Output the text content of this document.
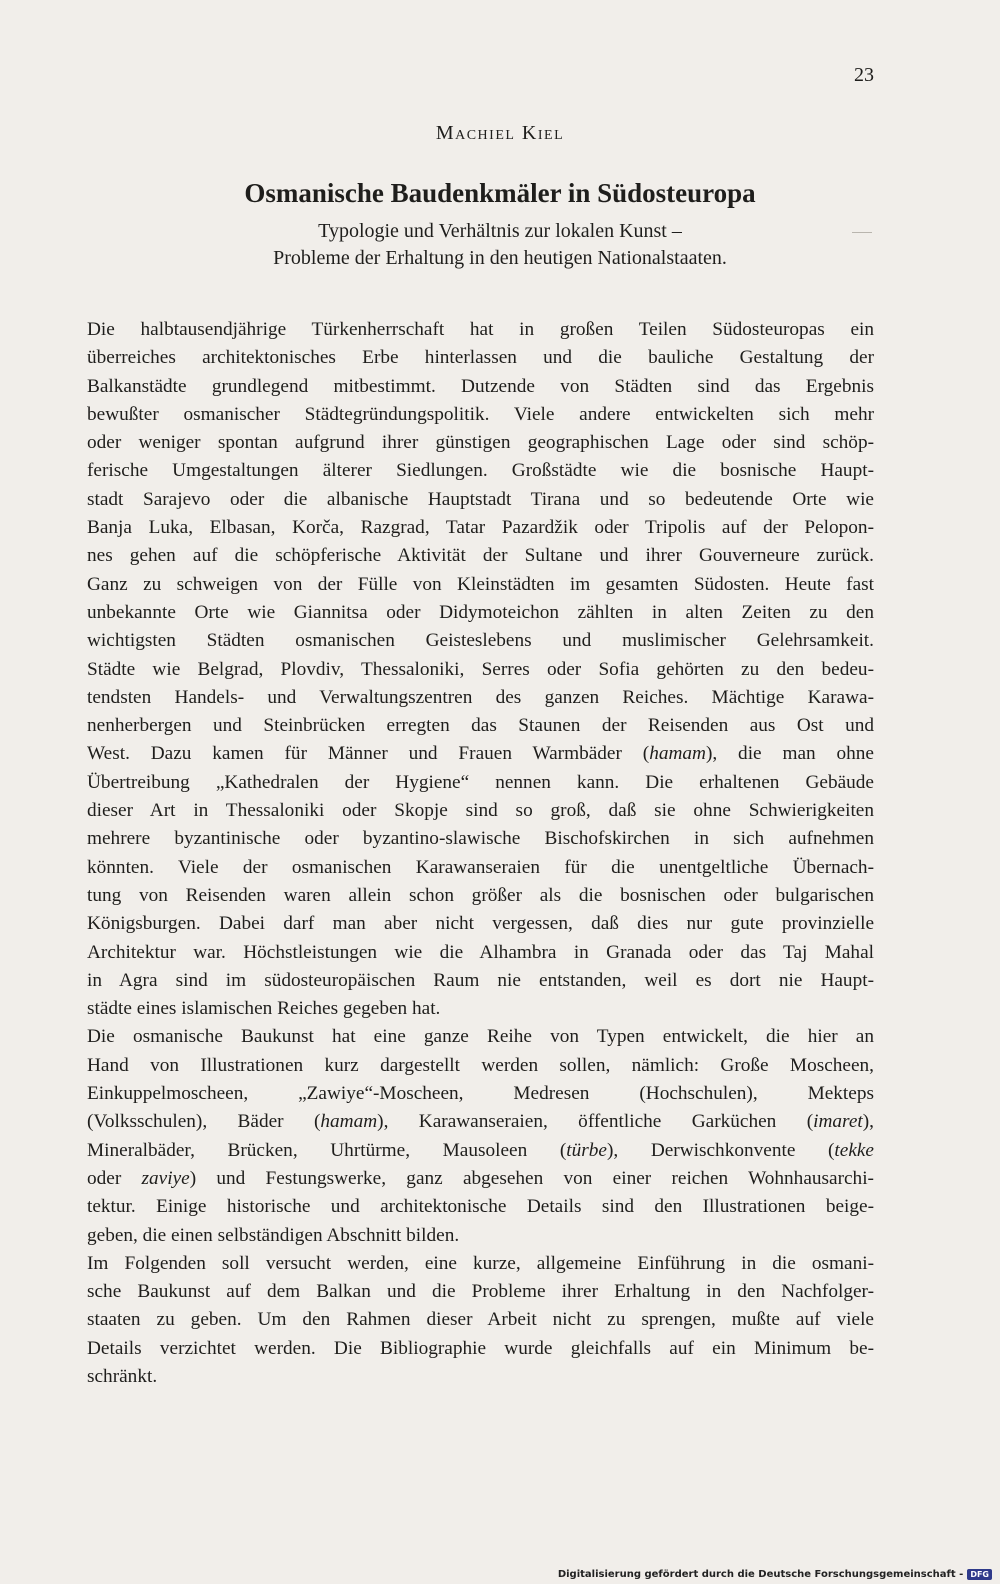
23
Machiel Kiel
Osmanische Baudenkmäler in Südosteuropa
Typologie und Verhältnis zur lokalen Kunst –
Probleme der Erhaltung in den heutigen Nationalstaaten.
Die halbtausendjährige Türkenherrschaft hat in großen Teilen Südosteuropas ein
überreiches architektonisches Erbe hinterlassen und die bauliche Gestaltung der
Balkanstädte grundlegend mitbestimmt. Dutzende von Städten sind das Ergebnis
bewußter osmanischer Städtegründungspolitik. Viele andere entwickelten sich mehr
oder weniger spontan aufgrund ihrer günstigen geographischen Lage oder sind schöp-
ferische Umgestaltungen älterer Siedlungen. Großstädte wie die bosnische Haupt-
stadt Sarajevo oder die albanische Hauptstadt Tirana und so bedeutende Orte wie
Banja Luka, Elbasan, Korča, Razgrad, Tatar Pazardžik oder Tripolis auf der Pelopon-
nes gehen auf die schöpferische Aktivität der Sultane und ihrer Gouverneure zurück.
Ganz zu schweigen von der Fülle von Kleinstädten im gesamten Südosten. Heute fast
unbekannte Orte wie Giannitsa oder Didymoteichon zählten in alten Zeiten zu den
wichtigsten Städten osmanischen Geisteslebens und muslimischer Gelehrsamkeit.
Städte wie Belgrad, Plovdiv, Thessaloniki, Serres oder Sofia gehörten zu den bedeu-
tendsten Handels- und Verwaltungszentren des ganzen Reiches. Mächtige Karawa-
nenherbergen und Steinbrücken erregten das Staunen der Reisenden aus Ost und
West. Dazu kamen für Männer und Frauen Warmbäder (hamam), die man ohne
Übertreibung „Kathedralen der Hygiene“ nennen kann. Die erhaltenen Gebäude
dieser Art in Thessaloniki oder Skopje sind so groß, daß sie ohne Schwierigkeiten
mehrere byzantinische oder byzantino-slawische Bischofskirchen in sich aufnehmen
könnten. Viele der osmanischen Karawanseraien für die unentgeltliche Übernach-
tung von Reisenden waren allein schon größer als die bosnischen oder bulgarischen
Königsburgen. Dabei darf man aber nicht vergessen, daß dies nur gute provinzielle
Architektur war. Höchstleistungen wie die Alhambra in Granada oder das Taj Mahal
in Agra sind im südosteuropäischen Raum nie entstanden, weil es dort nie Haupt-
städte eines islamischen Reiches gegeben hat.
Die osmanische Baukunst hat eine ganze Reihe von Typen entwickelt, die hier an
Hand von Illustrationen kurz dargestellt werden sollen, nämlich: Große Moscheen,
Einkuppelmoscheen, „Zawiye“-Moscheen, Medresen (Hochschulen), Mekteps
(Volksschulen), Bäder (hamam), Karawanseraien, öffentliche Garküchen (imaret),
Mineralbäder, Brücken, Uhrtürme, Mausoleen (türbe), Derwischkonvente (tekke
oder zaviye) und Festungswerke, ganz abgesehen von einer reichen Wohnhausarchi-
tektur. Einige historische und architektonische Details sind den Illustrationen beige-
geben, die einen selbständigen Abschnitt bilden.
Im Folgenden soll versucht werden, eine kurze, allgemeine Einführung in die osmani-
sche Baukunst auf dem Balkan und die Probleme ihrer Erhaltung in den Nachfolger-
staaten zu geben. Um den Rahmen dieser Arbeit nicht zu sprengen, mußte auf viele
Details verzichtet werden. Die Bibliographie wurde gleichfalls auf ein Minimum be-
schränkt.
Digitalisierung gefördert durch die Deutsche Forschungsgemeinschaft - DFG
